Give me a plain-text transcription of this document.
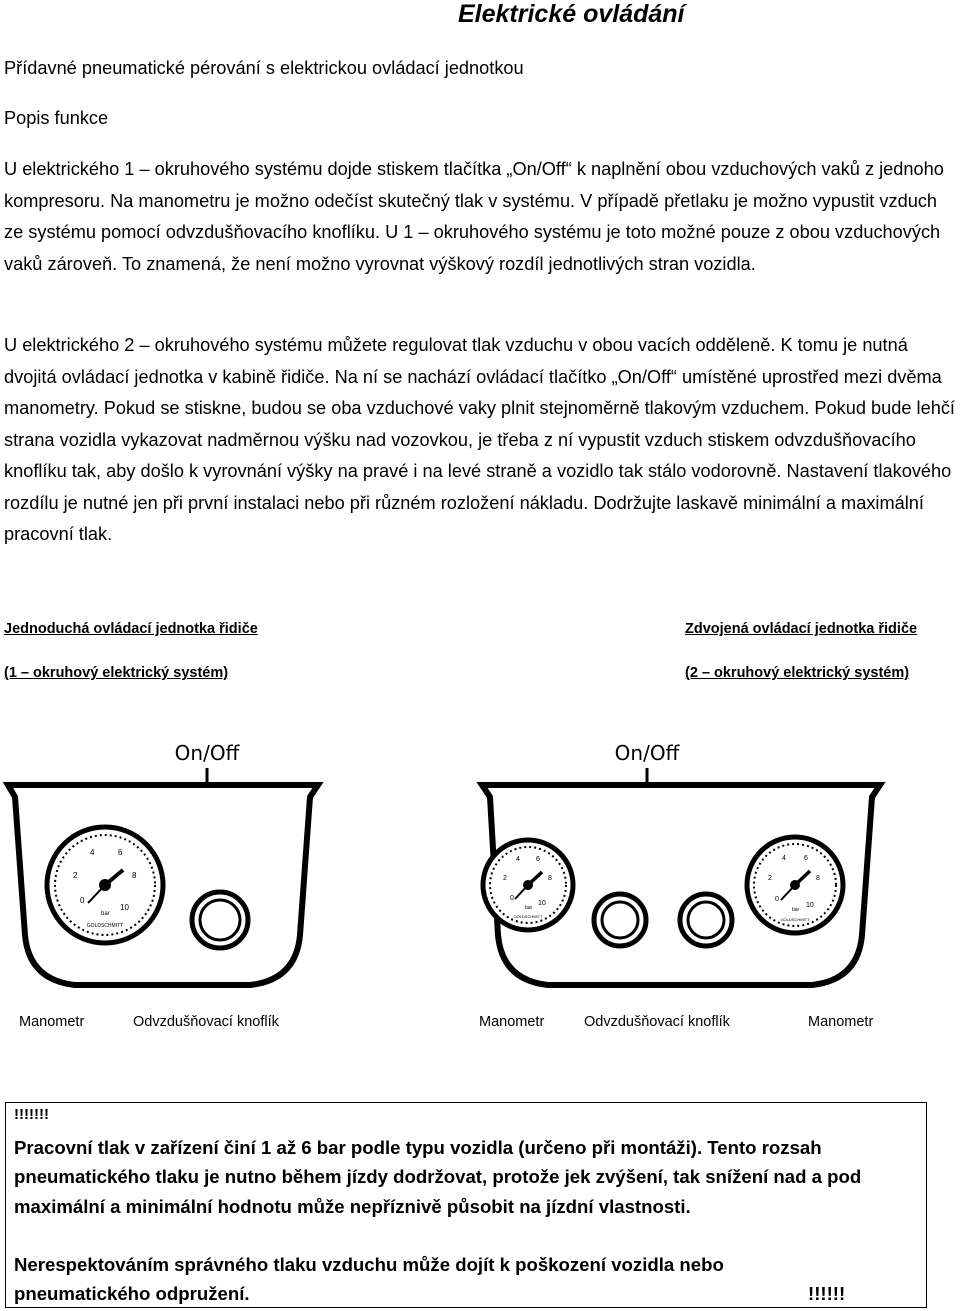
Elektrické ovládání
Přídavné pneumatické pérování s elektrickou ovládací jednotkou
Popis funkce
U elektrického 1 – okruhového systému dojde stiskem tlačítka „On/Off“ k naplnění obou vzduchových vaků z jednoho kompresoru. Na manometru je možno odečíst skutečný tlak v systému. V případě přetlaku je možno vypustit vzduch ze systému pomocí odvzdušňovacího knoflíku. U 1 – okruhového systému je toto možné pouze z obou vzduchových vaků zároveň. To znamená, že není možno vyrovnat výškový rozdíl jednotlivých stran vozidla.
U elektrického 2 – okruhového systému můžete regulovat tlak vzduchu v obou vacích odděleně. K tomu je nutná dvojitá ovládací jednotka v kabině řidiče. Na ní se nachází ovládací tlačítko „On/Off“ umístěné uprostřed mezi dvěma manometry. Pokud se stiskne, budou se oba vzduchové vaky plnit stejnoměrně tlakovým vzduchem. Pokud bude lehčí strana vozidla vykazovat nadměrnou výšku nad vozovkou, je třeba z ní vypustit vzduch stiskem odvzdušňovacího knoflíku tak, aby došlo k vyrovnání výšky na pravé i na levé straně a vozidlo tak stálo vodorovně. Nastavení tlakového rozdílu je nutné jen při první instalaci nebo při různém rozložení nákladu. Dodržujte laskavě minimální a maximální pracovní tlak.
Jednoduchá ovládací jednotka řidiče
(1 – okruhový elektrický systém)
Zdvojená ovládací jednotka řidiče
(2 – okruhový elektrický systém)
On/Off
0
2
4	6
8
10
bar
GOLDSCHMITT
On/Off
0
2
4 6
8
10
bar
GOLDSCHMITT
0
2
4	6
8
10
bar
GOLDSCHMITT
Manometr	Odvzdušňovací knoflík	Manometr	Odvzdušňovací knoflík	Manometr
!!!!!!!
Pracovní tlak v zařízení činí 1 až 6 bar podle typu vozidla (určeno při montáži). Tento rozsah pneumatického tlaku je nutno během jízdy dodržovat, protože jek zvýšení, tak snížení nad a pod maximální a minimální hodnotu může nepříznivě působit na jízdní vlastnosti.
Nerespektováním správného tlaku vzduchu může dojít k poškození vozidla nebo pneumatického odpružení.	!!!!!!
